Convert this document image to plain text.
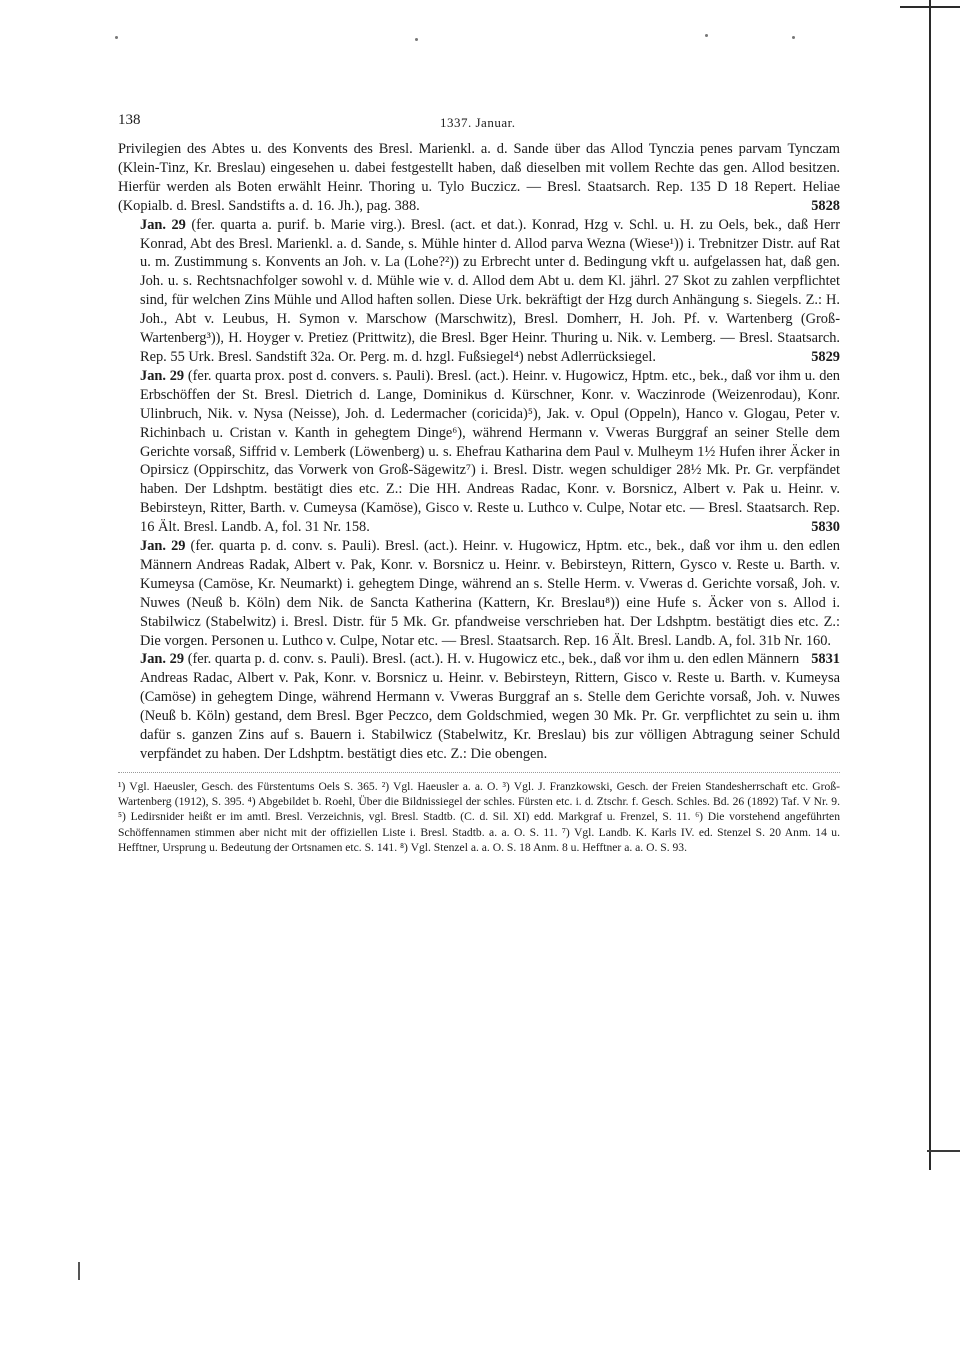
138	1337. Januar.

Privilegien des Abtes u. des Konvents des Bresl. Marienkl. a. d. Sande über das Allod Tynczia penes parvam Tynczam (Klein-Tinz, Kr. Breslau) eingesehen u. dabei festgestellt haben, daß dieselben mit vollem Rechte das gen. Allod besitzen. Hierfür werden als Boten erwählt Heinr. Thoring u. Tylo Buczicz. — Bresl. Staatsarch. Rep. 135 D 18 Repert. Heliae (Kopialb. d. Bresl. Sandstifts a. d. 16. Jh.), pag. 388.	5828

Jan. 29 (fer. quarta a. purif. b. Marie virg.). Bresl. (act. et dat.). Konrad, Hzg v. Schl. u. H. zu Oels, bek., daß Herr Konrad, Abt des Bresl. Marienkl. a. d. Sande, s. Mühle hinter d. Allod parva Wezna (Wiese¹)) i. Trebnitzer Distr. auf Rat u. m. Zustimmung s. Konvents an Joh. v. La (Lohe?²)) zu Erbrecht unter d. Bedingung vkft u. aufgelassen hat, daß gen. Joh. u. s. Rechtsnachfolger sowohl v. d. Mühle wie v. d. Allod dem Abt u. dem Kl. jährl. 27 Skot zu zahlen verpflichtet sind, für welchen Zins Mühle und Allod haften sollen. Diese Urk. bekräftigt der Hzg durch Anhängung s. Siegels. Z.: H. Joh., Abt v. Leubus, H. Symon v. Marschow (Marschwitz), Bresl. Domherr, H. Joh. Pf. v. Wartenberg (Groß-Wartenberg³)), H. Hoyger v. Pretiez (Prittwitz), die Bresl. Bger Heinr. Thuring u. Nik. v. Lemberg. — Bresl. Staatsarch. Rep. 55 Urk. Bresl. Sandstift 32a. Or. Perg. m. d. hzgl. Fußsiegel⁴) nebst Adlerrücksiegel.	5829

Jan. 29 (fer. quarta prox. post d. convers. s. Pauli). Bresl. (act.). Heinr. v. Hugowicz, Hptm. etc., bek., daß vor ihm u. den Erbschöffen der St. Bresl. Dietrich d. Lange, Dominikus d. Kürschner, Konr. v. Waczinrode (Weizenrodau), Konr. Ulinbruch, Nik. v. Nysa (Neisse), Joh. d. Ledermacher (coricida)⁵), Jak. v. Opul (Oppeln), Hanco v. Glogau, Peter v. Richinbach u. Cristan v. Kanth in gehegtem Dinge⁶), während Hermann v. Vweras Burggraf an seiner Stelle dem Gerichte vorsaß, Siffrid v. Lemberk (Löwenberg) u. s. Ehefrau Katharina dem Paul v. Mulheym 1½ Hufen ihrer Äcker in Opirsicz (Oppirschitz, das Vorwerk von Groß-Sägewitz⁷) i. Bresl. Distr. wegen schuldiger 28½ Mk. Pr. Gr. verpfändet haben. Der Ldshptm. bestätigt dies etc. Z.: Die HH. Andreas Radac, Konr. v. Borsnicz, Albert v. Pak u. Heinr. v. Bebirsteyn, Ritter, Barth. v. Cumeysa (Kamöse), Gisco v. Reste u. Luthco v. Culpe, Notar etc. — Bresl. Staatsarch. Rep. 16 Ält. Bresl. Landb. A, fol. 31 Nr. 158.	5830

Jan. 29 (fer. quarta p. d. conv. s. Pauli). Bresl. (act.). Heinr. v. Hugowicz, Hptm. etc., bek., daß vor ihm u. den edlen Männern Andreas Radak, Albert v. Pak, Konr. v. Borsnicz u. Heinr. v. Bebirsteyn, Rittern, Gysco v. Reste u. Barth. v. Kumeysa (Camöse, Kr. Neumarkt) i. gehegtem Dinge, während an s. Stelle Herm. v. Vweras d. Gerichte vorsaß, Joh. v. Nuwes (Neuß b. Köln) dem Nik. de Sancta Katherina (Kattern, Kr. Breslau⁸)) eine Hufe s. Äcker von s. Allod i. Stabilwicz (Stabelwitz) i. Bresl. Distr. für 5 Mk. Gr. pfandweise verschrieben hat. Der Ldshptm. bestätigt dies etc. Z.: Die vorgen. Personen u. Luthco v. Culpe, Notar etc. — Bresl. Staatsarch. Rep. 16 Ält. Bresl. Landb. A, fol. 31b Nr. 160.
5831

Jan. 29 (fer. quarta p. d. conv. s. Pauli). Bresl. (act.). H. v. Hugowicz etc., bek., daß vor ihm u. den edlen Männern Andreas Radac, Albert v. Pak, Konr. v. Borsnicz u. Heinr. v. Bebirsteyn, Rittern, Gisco v. Reste u. Barth. v. Kumeysa (Camöse) in gehegtem Dinge, während Hermann v. Vweras Burggraf an s. Stelle dem Gerichte vorsaß, Joh. v. Nuwes (Neuß b. Köln) gestand, dem Bresl. Bger Peczco, dem Goldschmied, wegen 30 Mk. Pr. Gr. verpflichtet zu sein u. ihm dafür s. ganzen Zins auf s. Bauern i. Stabilwicz (Stabelwitz, Kr. Breslau) bis zur völligen Abtragung seiner Schuld verpfändet zu haben. Der Ldshptm. bestätigt dies etc. Z.: Die obengen.

¹) Vgl. Haeusler, Gesch. des Fürstentums Oels S. 365. ²) Vgl. Haeusler a. a. O. ³) Vgl. J. Franzkowski, Gesch. der Freien Standesherrschaft etc. Groß-Wartenberg (1912), S. 395. ⁴) Abgebildet b. Roehl, Über die Bildnissiegel der schles. Fürsten etc. i. d. Ztschr. f. Gesch. Schles. Bd. 26 (1892) Taf. V Nr. 9. ⁵) Ledirsnider heißt er im amtl. Bresl. Verzeichnis, vgl. Bresl. Stadtb. (C. d. Sil. XI) edd. Markgraf u. Frenzel, S. 11. ⁶) Die vorstehend angeführten Schöffennamen stimmen aber nicht mit der offiziellen Liste i. Bresl. Stadtb. a. a. O. S. 11. ⁷) Vgl. Landb. K. Karls IV. ed. Stenzel S. 20 Anm. 14 u. Hefftner, Ursprung u. Bedeutung der Ortsnamen etc. S. 141. ⁸) Vgl. Stenzel a. a. O. S. 18 Anm. 8 u. Hefftner a. a. O. S. 93.
